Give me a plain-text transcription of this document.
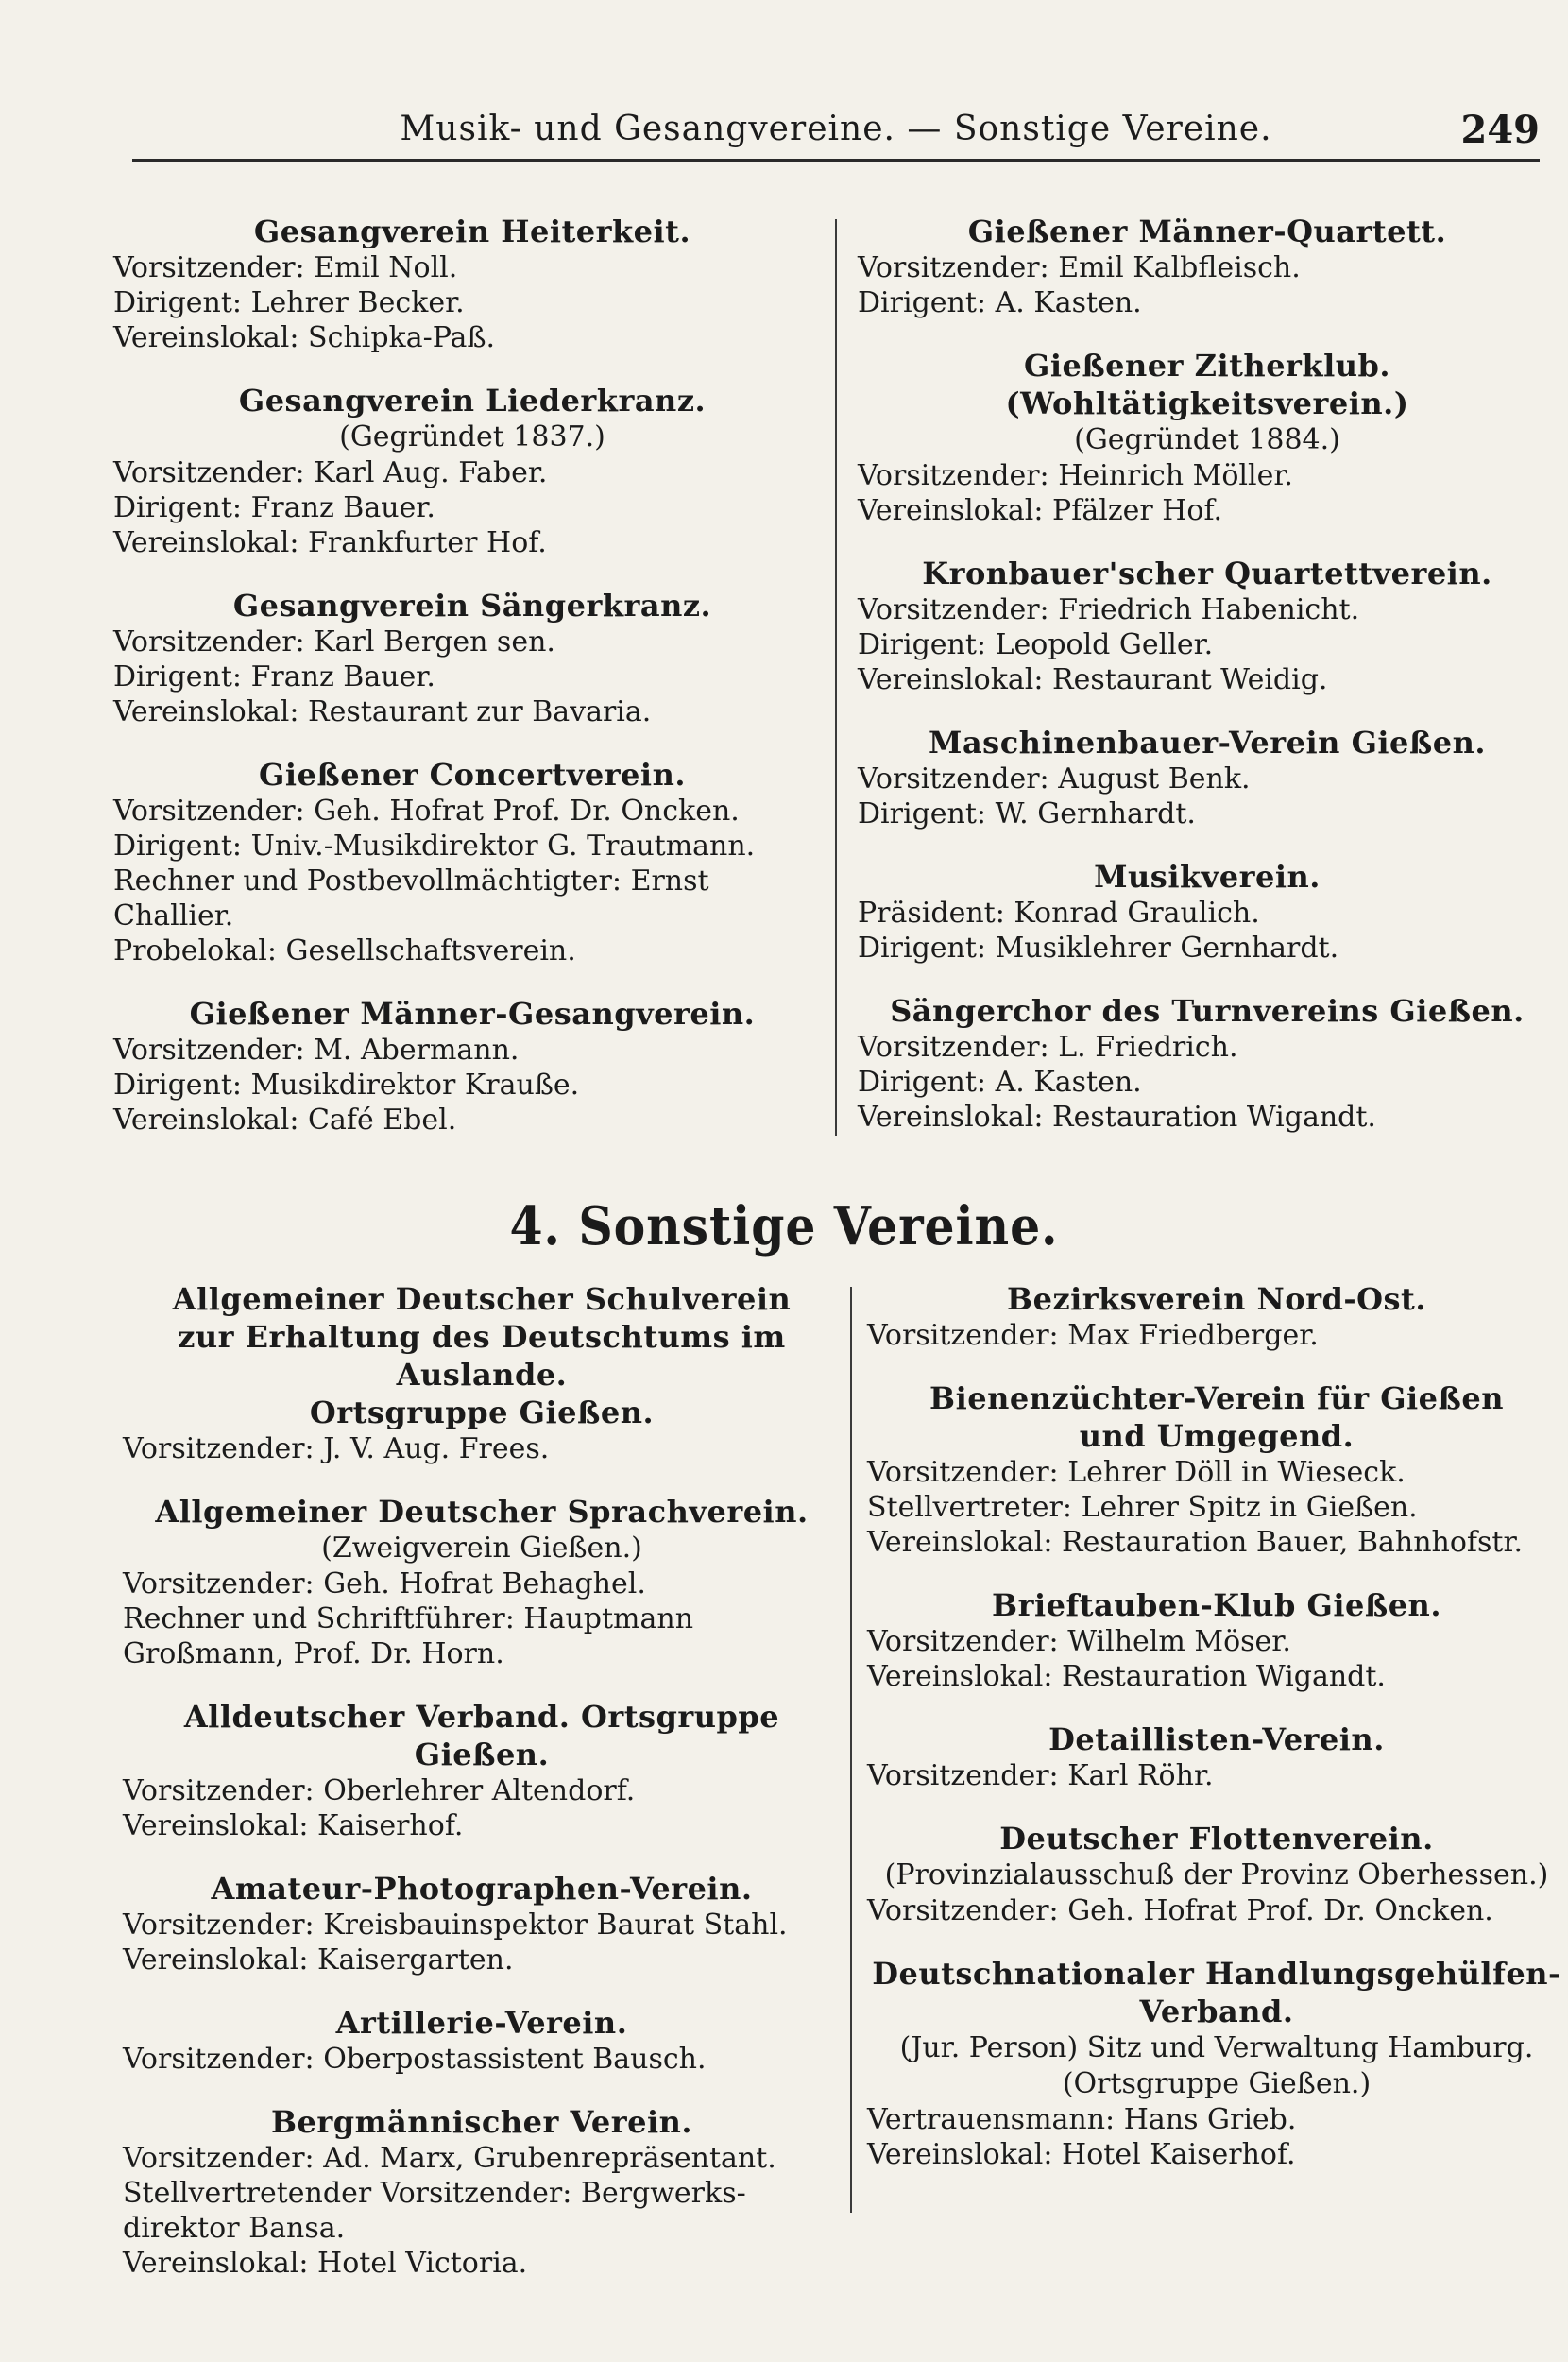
Musik- und Gesangvereine. — Sonstige Vereine.	249
Gesangverein Heiterkeit.
Vorsitzender: Emil Noll.
Dirigent: Lehrer Becker.
Vereinslokal: Schipka-Paß.
Gesangverein Liederkranz.
(Gegründet 1837.)
Vorsitzender: Karl Aug. Faber.
Dirigent: Franz Bauer.
Vereinslokal: Frankfurter Hof.
Gesangverein Sängerkranz.
Vorsitzender: Karl Bergen sen.
Dirigent: Franz Bauer.
Vereinslokal: Restaurant zur Bavaria.
Gießener Concertverein.
Vorsitzender: Geh. Hofrat Prof. Dr. Oncken.
Dirigent: Univ.-Musikdirektor G. Trautmann.
Rechner und Postbevollmächtigter: Ernst
Challier.
Probelokal: Gesellschaftsverein.
Gießener Männer-Gesangverein.
Vorsitzender: M. Abermann.
Dirigent: Musikdirektor Kraußе.
Vereinslokal: Café Ebel.
Gießener Männer-Quartett.
Vorsitzender: Emil Kalbfleisch.
Dirigent: A. Kasten.
Gießener Zitherklub. (Wohltätigkeitsverein.)
(Gegründet 1884.)
Vorsitzender: Heinrich Möller.
Vereinslokal: Pfälzer Hof.
Kronbauer'scher Quartettverein.
Vorsitzender: Friedrich Habenicht.
Dirigent: Leopold Geller.
Vereinslokal: Restaurant Weidig.
Maschinenbauer-Verein Gießen.
Vorsitzender: August Benk.
Dirigent: W. Gernhardt.
Musikverein.
Präsident: Konrad Graulich.
Dirigent: Musiklehrer Gernhardt.
Sängerchor des Turnvereins Gießen.
Vorsitzender: L. Friedrich.
Dirigent: A. Kasten.
Vereinslokal: Restauration Wigandt.
4. Sonstige Vereine.
Allgemeiner Deutscher Schulverein
zur Erhaltung des Deutschtums im Auslande.
Ortsgruppe Gießen.
Vorsitzender: J. V. Aug. Frees.
Allgemeiner Deutscher Sprachverein.
(Zweigverein Gießen.)
Vorsitzender: Geh. Hofrat Behaghel.
Rechner und Schriftführer: Hauptmann
Großmann, Prof. Dr. Horn.
Alldeutscher Verband. Ortsgruppe Gießen.
Vorsitzender: Oberlehrer Altendorf.
Vereinslokal: Kaiserhof.
Amateur-Photographen-Verein.
Vorsitzender: Kreisbauinspektor Baurat Stahl.
Vereinslokal: Kaisergarten.
Artillerie-Verein.
Vorsitzender: Oberpostassistent Bausch.
Bergmännischer Verein.
Vorsitzender: Ad. Marx, Grubenrepräsentant.
Stellvertretender Vorsitzender: Bergwerks-
direktor Bansa.
Vereinslokal: Hotel Victoria.
Bezirksverein Nord-Ost.
Vorsitzender: Max Friedberger.
Bienenzüchter-Verein für Gießen
und Umgegend.
Vorsitzender: Lehrer Döll in Wieseck.
Stellvertreter: Lehrer Spitz in Gießen.
Vereinslokal: Restauration Bauer, Bahnhofstr.
Brieftauben-Klub Gießen.
Vorsitzender: Wilhelm Möser.
Vereinslokal: Restauration Wigandt.
Detaillisten-Verein.
Vorsitzender: Karl Röhr.
Deutscher Flottenverein.
(Provinzialausschuß der Provinz Oberhessen.)
Vorsitzender: Geh. Hofrat Prof. Dr. Oncken.
Deutschnationaler Handlungsgehülfen-
Verband.
(Jur. Person) Sitz und Verwaltung Hamburg.
(Ortsgruppe Gießen.)
Vertrauensmann: Hans Grieb.
Vereinslokal: Hotel Kaiserhof.
